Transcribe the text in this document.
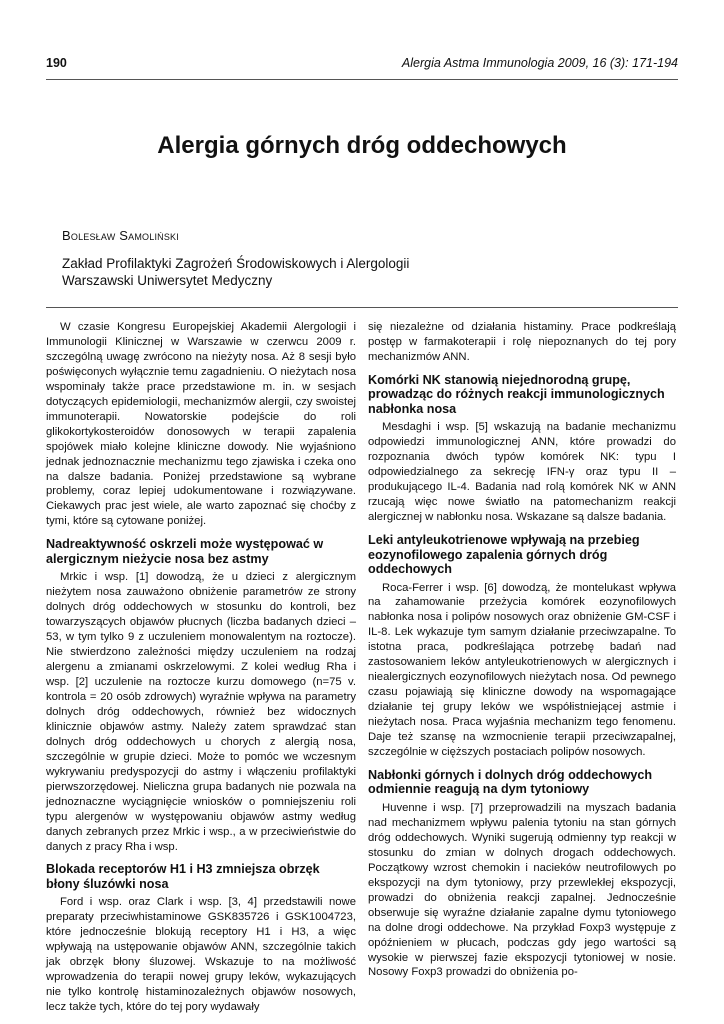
190	Alergia Astma Immunologia 2009, 16 (3): 171-194
Alergia górnych dróg oddechowych
Bolesław Samoliński
Zakład Profilaktyki Zagrożeń Środowiskowych i Alergologii
Warszawski Uniwersytet Medyczny

W czasie Kongresu Europejskiej Akademii Alergologii i Immunologii Klinicznej w Warszawie w czerwcu 2009 r. szczególną uwagę zwrócono na nieżyty nosa. Aż 8 sesji było poświęconych wyłącznie temu zagadnieniu. O nieżytach nosa wspominały także prace przedstawione m. in. w sesjach dotyczących epidemiologii, mechanizmów alergii, czy swoistej immunoterapii. Nowatorskie podejście do roli glikokortykosteroidów donosowych w terapii zapalenia spojówek miało kolejne kliniczne dowody. Nie wyjaśniono jednak jednoznacznie mechanizmu tego zjawiska i czeka ono na dalsze badania. Poniżej przedstawione są wybrane problemy, coraz lepiej udokumentowane i rozwiązywane. Ciekawych prac jest wiele, ale warto zapoznać się choćby z tymi, które są cytowane poniżej.

Nadreaktywność oskrzeli może występować w alergicznym nieżycie nosa bez astmy

Mrkic i wsp. [1] dowodzą, że u dzieci z alergicznym nieżytem nosa zauważono obniżenie parametrów ze strony dolnych dróg oddechowych w stosunku do kontroli, bez towarzyszących objawów płucnych (liczba badanych dzieci – 53, w tym tylko 9 z uczuleniem monowalentym na roztocze). Nie stwierdzono zależności między uczuleniem na rodzaj alergenu a zmianami oskrzelowymi. Z kolei według Rha i wsp. [2] uczulenie na roztocze kurzu domowego (n=75 v. kontrola = 20 osób zdrowych) wyraźnie wpływa na parametry dolnych dróg oddechowych, również bez widocznych klinicznie objawów astmy. Należy zatem sprawdzać stan dolnych dróg oddechowych u chorych z alergią nosa, szczególnie w grupie dzieci. Może to pomóc we wczesnym wykrywaniu predyspozycji do astmy i włączeniu profilaktyki pierwszorzędowej. Nieliczna grupa badanych nie pozwala na jednoznaczne wyciągnięcie wniosków o pomniejszeniu roli typu alergenów w występowaniu objawów astmy według danych zebranych przez Mrkic i wsp., a w przeciwieństwie do danych z pracy Rha i wsp.

Blokada receptorów H1 i H3 zmniejsza obrzęk błony śluzówki nosa

Ford i wsp. oraz Clark i wsp. [3, 4] przedstawili nowe preparaty przeciwhistaminowe GSK835726 i GSK1004723, które jednocześnie blokują receptory H1 i H3, a więc wpływają na ustępowanie objawów ANN, szczególnie takich jak obrzęk błony śluzowej. Wskazuje to na możliwość wprowadzenia do terapii nowej grupy leków, wykazujących nie tylko kontrolę histaminozależnych objawów nosowych, lecz także tych, które do tej pory wydawały

się niezależne od działania histaminy. Prace podkreślają postęp w farmakoterapii i rolę niepoznanych do tej pory mechanizmów ANN.

Komórki NK stanowią niejednorodną grupę, prowadząc do różnych reakcji immunologicznych nabłonka nosa

Mesdaghi i wsp. [5] wskazują na badanie mechanizmu odpowiedzi immunologicznej ANN, które prowadzi do rozpoznania dwóch typów komórek NK: typu I odpowiedzialnego za sekrecję IFN-γ oraz typu II – produkującego IL-4. Badania nad rolą komórek NK w ANN rzucają więc nowe światło na patomechanizm reakcji alergicznej w nabłonku nosa. Wskazane są dalsze badania.

Leki antyleukotrienowe wpływają na przebieg eozynofilowego zapalenia górnych dróg oddechowych

Roca-Ferrer i wsp. [6] dowodzą, że montelukast wpływa na zahamowanie przeżycia komórek eozynofilowych nabłonka nosa i polipów nosowych oraz obniżenie GM-CSF i IL-8. Lek wykazuje tym samym działanie przeciwzapalne. To istotna praca, podkreślająca potrzebę badań nad zastosowaniem leków antyleukotrienowych w alergicznych i niealergicznych eozynofilowych nieżytach nosa. Od pewnego czasu pojawiają się kliniczne dowody na wspomagające działanie tej grupy leków we współistniejącej astmie i nieżytach nosa. Praca wyjaśnia mechanizm tego fenomenu. Daje też szansę na wzmocnienie terapii przeciwzapalnej, szczególnie w cięższych postaciach polipów nosowych.

Nabłonki górnych i dolnych dróg oddechowych odmiennie reagują na dym tytoniowy

Huvenne i wsp. [7] przeprowadzili na myszach badania nad mechanizmem wpływu palenia tytoniu na stan górnych dróg oddechowych. Wyniki sugerują odmienny typ reakcji w stosunku do zmian w dolnych drogach oddechowych. Początkowy wzrost chemokin i nacieków neutrofilowych po ekspozycji na dym tytoniowy, przy przewlekłej ekspozycji, prowadzi do obniżenia reakcji zapalnej. Jednocześnie obserwuje się wyraźne działanie zapalne dymu tytoniowego na dolne drogi oddechowe. Na przykład Foxp3 występuje z opóźnieniem w płucach, podczas gdy jego wartości są wysokie w pierwszej fazie ekspozycji tytoniowej w nosie. Nosowy Foxp3 prowadzi do obniżenia po-
